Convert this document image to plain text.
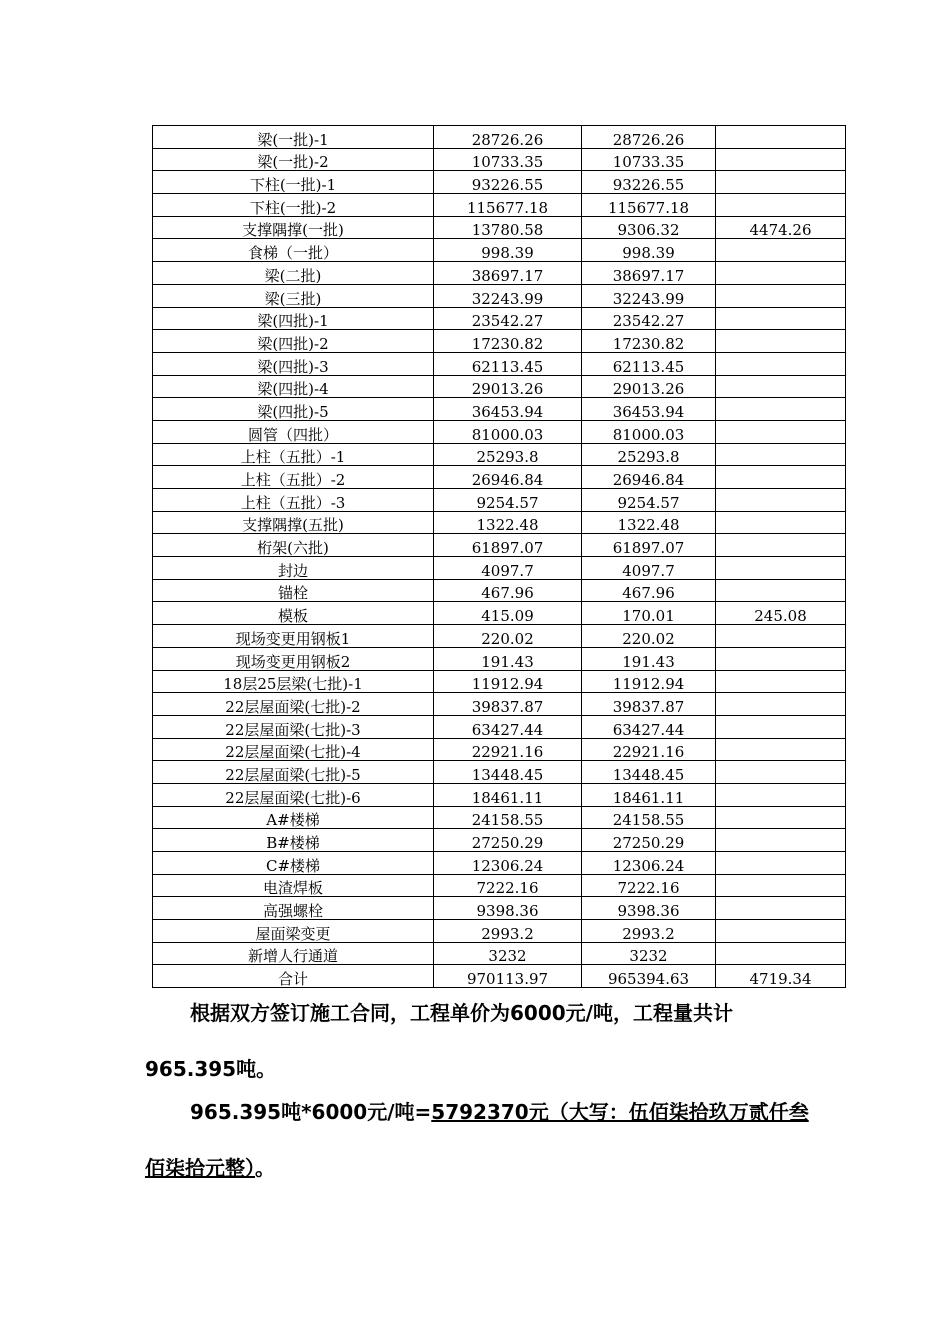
梁(一批)-1	28726.26	28726.26	
梁(一批)-2	10733.35	10733.35	
下柱(一批)-1	93226.55	93226.55	
下柱(一批)-2	115677.18	115677.18	
支撑隅撑(一批)	13780.58	9306.32	4474.26
食梯（一批）	998.39	998.39	
梁(二批)	38697.17	38697.17	
梁(三批)	32243.99	32243.99	
梁(四批)-1	23542.27	23542.27	
梁(四批)-2	17230.82	17230.82	
梁(四批)-3	62113.45	62113.45	
梁(四批)-4	29013.26	29013.26	
梁(四批)-5	36453.94	36453.94	
圆管（四批）	81000.03	81000.03	
上柱（五批）-1	25293.8	25293.8	
上柱（五批）-2	26946.84	26946.84	
上柱（五批）-3	9254.57	9254.57	
支撑隅撑(五批)	1322.48	1322.48	
桁架(六批)	61897.07	61897.07	
封边	4097.7	4097.7	
锚栓	467.96	467.96	
模板	415.09	170.01	245.08
现场变更用钢板1	220.02	220.02	
现场变更用钢板2	191.43	191.43	
18层25层梁(七批)-1	11912.94	11912.94	
22层屋面梁(七批)-2	39837.87	39837.87	
22层屋面梁(七批)-3	63427.44	63427.44	
22层屋面梁(七批)-4	22921.16	22921.16	
22层屋面梁(七批)-5	13448.45	13448.45	
22层屋面梁(七批)-6	18461.11	18461.11	
A#楼梯	24158.55	24158.55	
B#楼梯	27250.29	27250.29	
C#楼梯	12306.24	12306.24	
电渣焊板	7222.16	7222.16	
高强螺栓	9398.36	9398.36	
屋面梁变更	2993.2	2993.2	
新增人行通道	3232	3232	
合计	970113.97	965394.63	4719.34

根据双方签订施工合同，工程单价为6000元/吨，工程量共计965.395吨。

965.395吨*6000元/吨=5792370元（大写：伍佰柒拾玖万贰仟叁佰柒拾元整）。
